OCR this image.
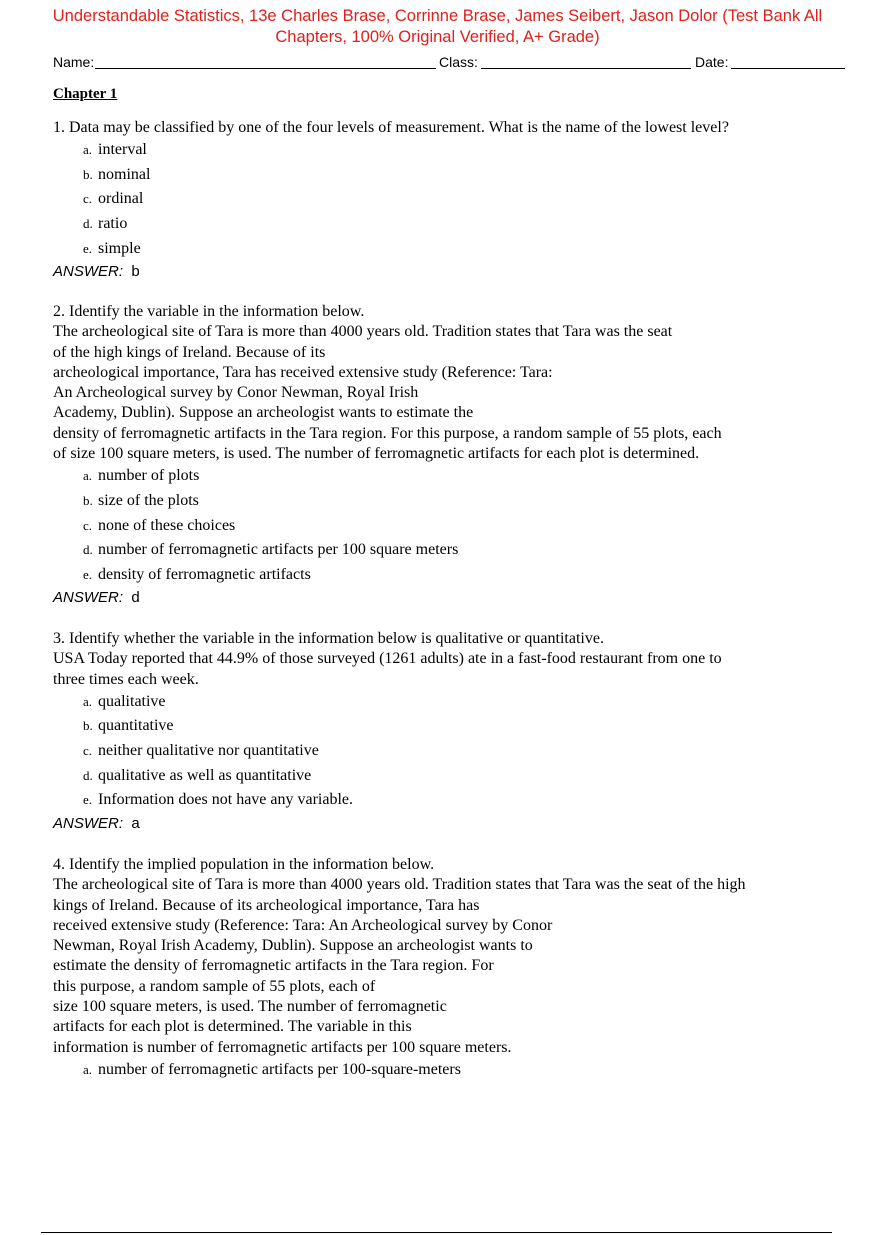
Understandable Statistics, 13e Charles Brase, Corrinne Brase, James Seibert, Jason Dolor (Test Bank All
Chapters, 100% Original Verified, A+ Grade)
Name:	Class:	Date:
Chapter 1
1. Data may be classified by one of the four levels of measurement. What is the name of the lowest level?
a. interval
b. nominal
c. ordinal
d. ratio
e. simple
ANSWER: b
2. Identify the variable in the information below.
The archeological site of Tara is more than 4000 years old. Tradition states that Tara was the seat
of the high kings of Ireland. Because of its
archeological importance, Tara has received extensive study (Reference: Tara:
An Archeological survey by Conor Newman, Royal Irish
Academy, Dublin). Suppose an archeologist wants to estimate the
density of ferromagnetic artifacts in the Tara region. For this purpose, a random sample of 55 plots, each
of size 100 square meters, is used. The number of ferromagnetic artifacts for each plot is determined.
a. number of plots
b. size of the plots
c. none of these choices
d. number of ferromagnetic artifacts per 100 square meters
e. density of ferromagnetic artifacts
ANSWER: d
3. Identify whether the variable in the information below is qualitative or quantitative.
USA Today reported that 44.9% of those surveyed (1261 adults) ate in a fast-food restaurant from one to
three times each week.
a. qualitative
b. quantitative
c. neither qualitative nor quantitative
d. qualitative as well as quantitative
e. Information does not have any variable.
ANSWER: a
4. Identify the implied population in the information below.
The archeological site of Tara is more than 4000 years old. Tradition states that Tara was the seat of the high
kings of Ireland. Because of its archeological importance, Tara has
received extensive study (Reference: Tara: An Archeological survey by Conor
Newman, Royal Irish Academy, Dublin). Suppose an archeologist wants to
estimate the density of ferromagnetic artifacts in the Tara region. For
this purpose, a random sample of 55 plots, each of
size 100 square meters, is used. The number of ferromagnetic
artifacts for each plot is determined. The variable in this
information is number of ferromagnetic artifacts per 100 square meters.
a. number of ferromagnetic artifacts per 100-square-meters
